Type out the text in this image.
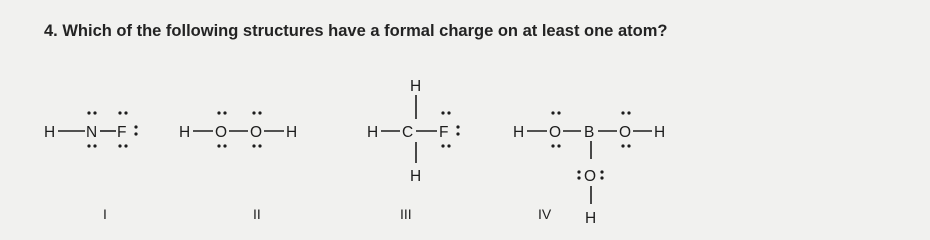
4. Which of the following structures have a formal charge on at least one atom?
H N F
I
H O O H
II
H
H
C F
H
III
H O B O H
O
H
IV
